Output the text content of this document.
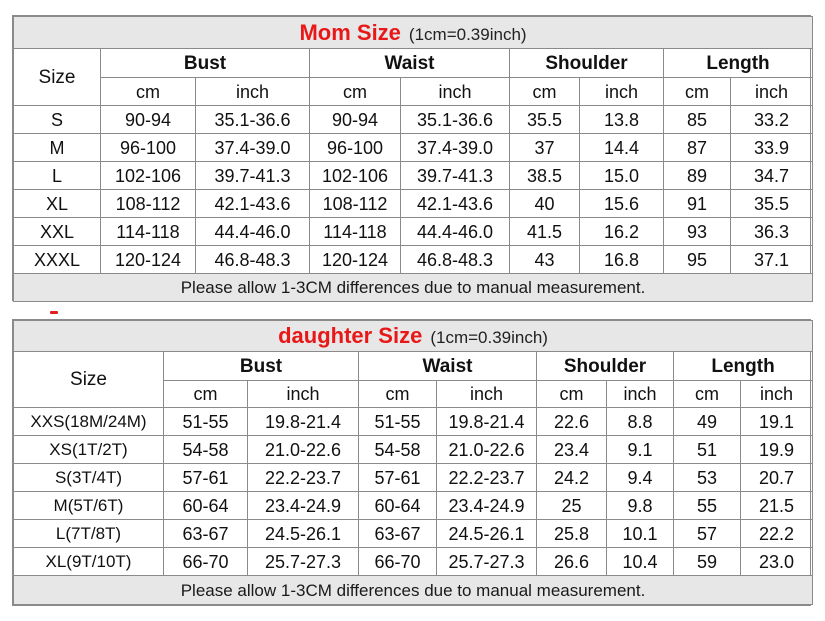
Mom Size (1cm=0.39inch)								
Size	Bust		Waist		Shoulder		Length	
	cm	inch	cm	inch	cm	inch	cm	inch
S	90-94	35.1-36.6	90-94	35.1-36.6	35.5	13.8	85	33.2
M	96-100	37.4-39.0	96-100	37.4-39.0	37	14.4	87	33.9
L	102-106	39.7-41.3	102-106	39.7-41.3	38.5	15.0	89	34.7
XL	108-112	42.1-43.6	108-112	42.1-43.6	40	15.6	91	35.5
XXL	114-118	44.4-46.0	114-118	44.4-46.0	41.5	16.2	93	36.3
XXXL	120-124	46.8-48.3	120-124	46.8-48.3	43	16.8	95	37.1
Please allow 1-3CM differences due to manual measurement.								
daughter Size (1cm=0.39inch)								
Size	Bust		Waist		Shoulder		Length	
	cm	inch	cm	inch	cm	inch	cm	inch
XXS(18M/24M)	51-55	19.8-21.4	51-55	19.8-21.4	22.6	8.8	49	19.1
XS(1T/2T)	54-58	21.0-22.6	54-58	21.0-22.6	23.4	9.1	51	19.9
S(3T/4T)	57-61	22.2-23.7	57-61	22.2-23.7	24.2	9.4	53	20.7
M(5T/6T)	60-64	23.4-24.9	60-64	23.4-24.9	25	9.8	55	21.5
L(7T/8T)	63-67	24.5-26.1	63-67	24.5-26.1	25.8	10.1	57	22.2
XL(9T/10T)	66-70	25.7-27.3	66-70	25.7-27.3	26.6	10.4	59	23.0
Please allow 1-3CM differences due to manual measurement.								
